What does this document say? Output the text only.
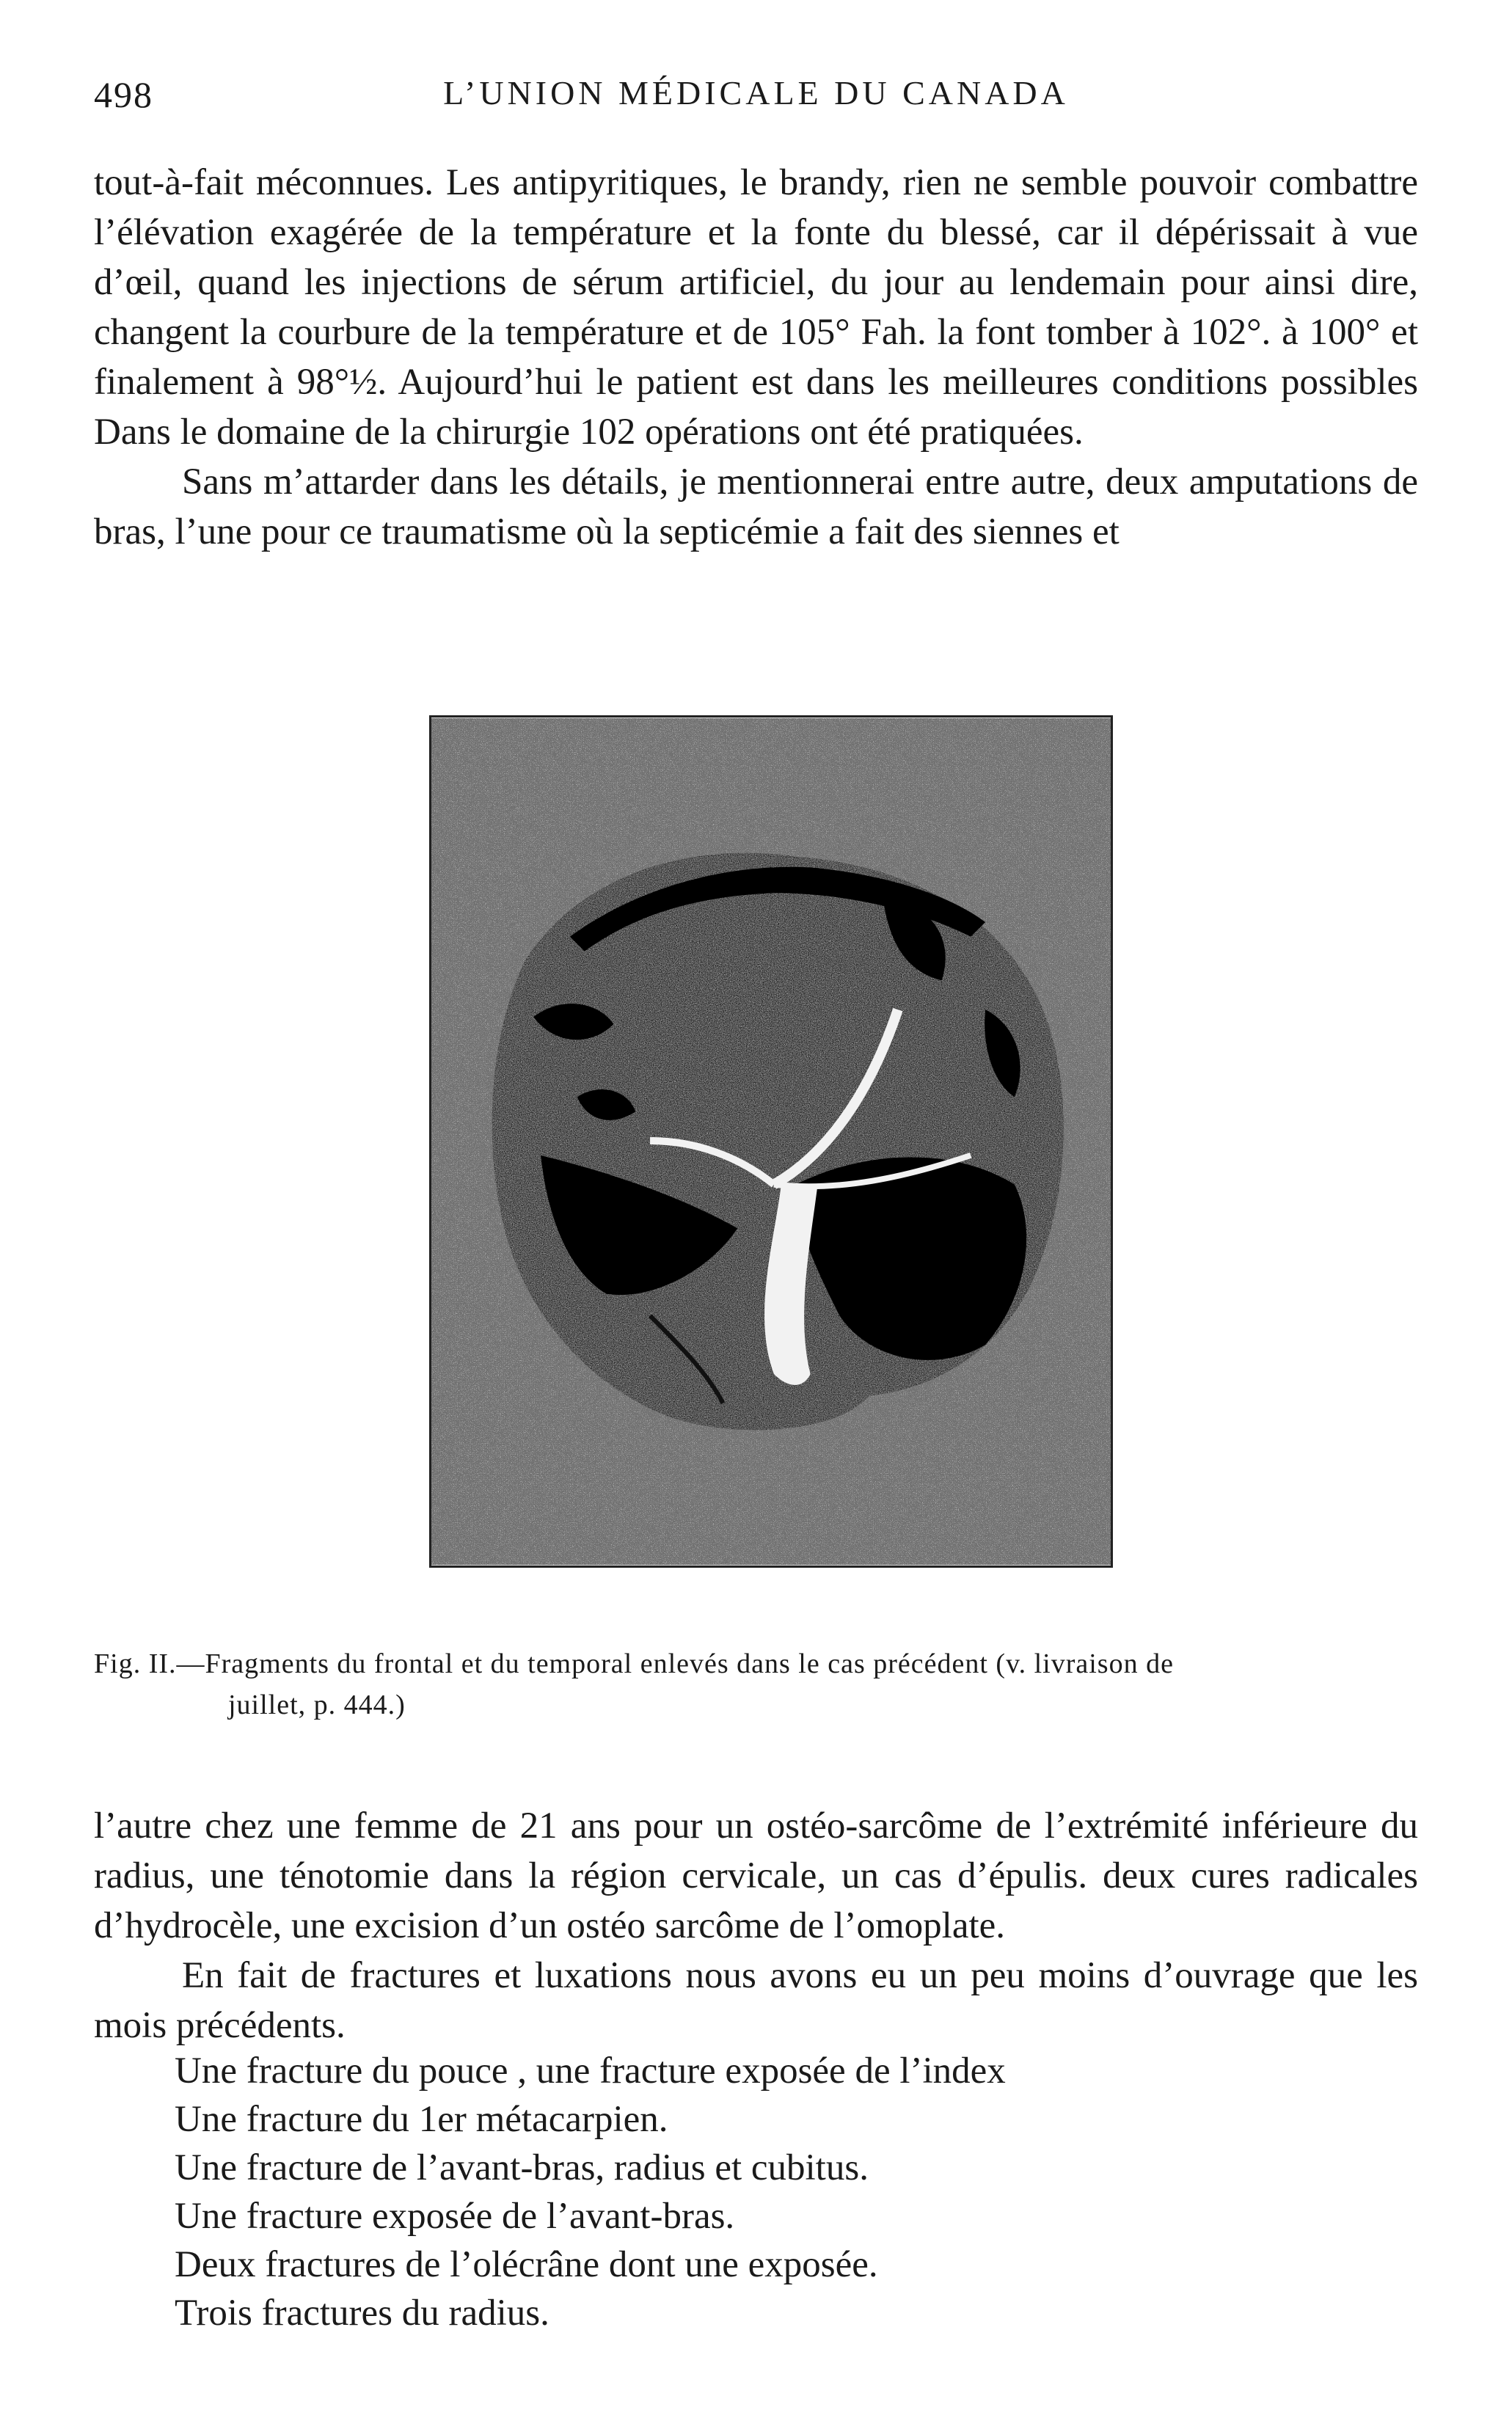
498	L’UNION MÉDICALE DU CANADA

tout-à-fait méconnues. Les antipyritiques, le brandy, rien ne semble pouvoir combattre l’élévation exagérée de la température et la fonte du blessé, car il dépérissait à vue d’œil, quand les injections de sérum artificiel, du jour au lendemain pour ainsi dire, changent la courbure de la température et de 105° Fah. la font tomber à 102°. à 100° et finalement à 98°½. Aujourd’hui le patient est dans les meilleures conditions possibles Dans le domaine de la chirurgie 102 opérations ont été pratiquées.

Sans m’attarder dans les détails, je mentionnerai entre autre, deux amputations de bras, l’une pour ce traumatisme où la septicémie a fait des siennes et

Fig. II.—Fragments du frontal et du temporal enlevés dans le cas précédent (v. livraison de

juillet, p. 444.)

l’autre chez une femme de 21 ans pour un ostéo-sarcôme de l’extrémité inférieure du radius, une ténotomie dans la région cervicale, un cas d’épulis. deux cures radicales d’hydrocèle, une excision d’un ostéo sarcôme de l’omoplate.

En fait de fractures et luxations nous avons eu un peu moins d’ouvrage que les mois précédents.

Une fracture du pouce , une fracture exposée de l’index
Une fracture du 1er métacarpien.
Une fracture de l’avant-bras, radius et cubitus.
Une fracture exposée de l’avant-bras.
Deux fractures de l’olécrâne dont une exposée.
Trois fractures du radius.
